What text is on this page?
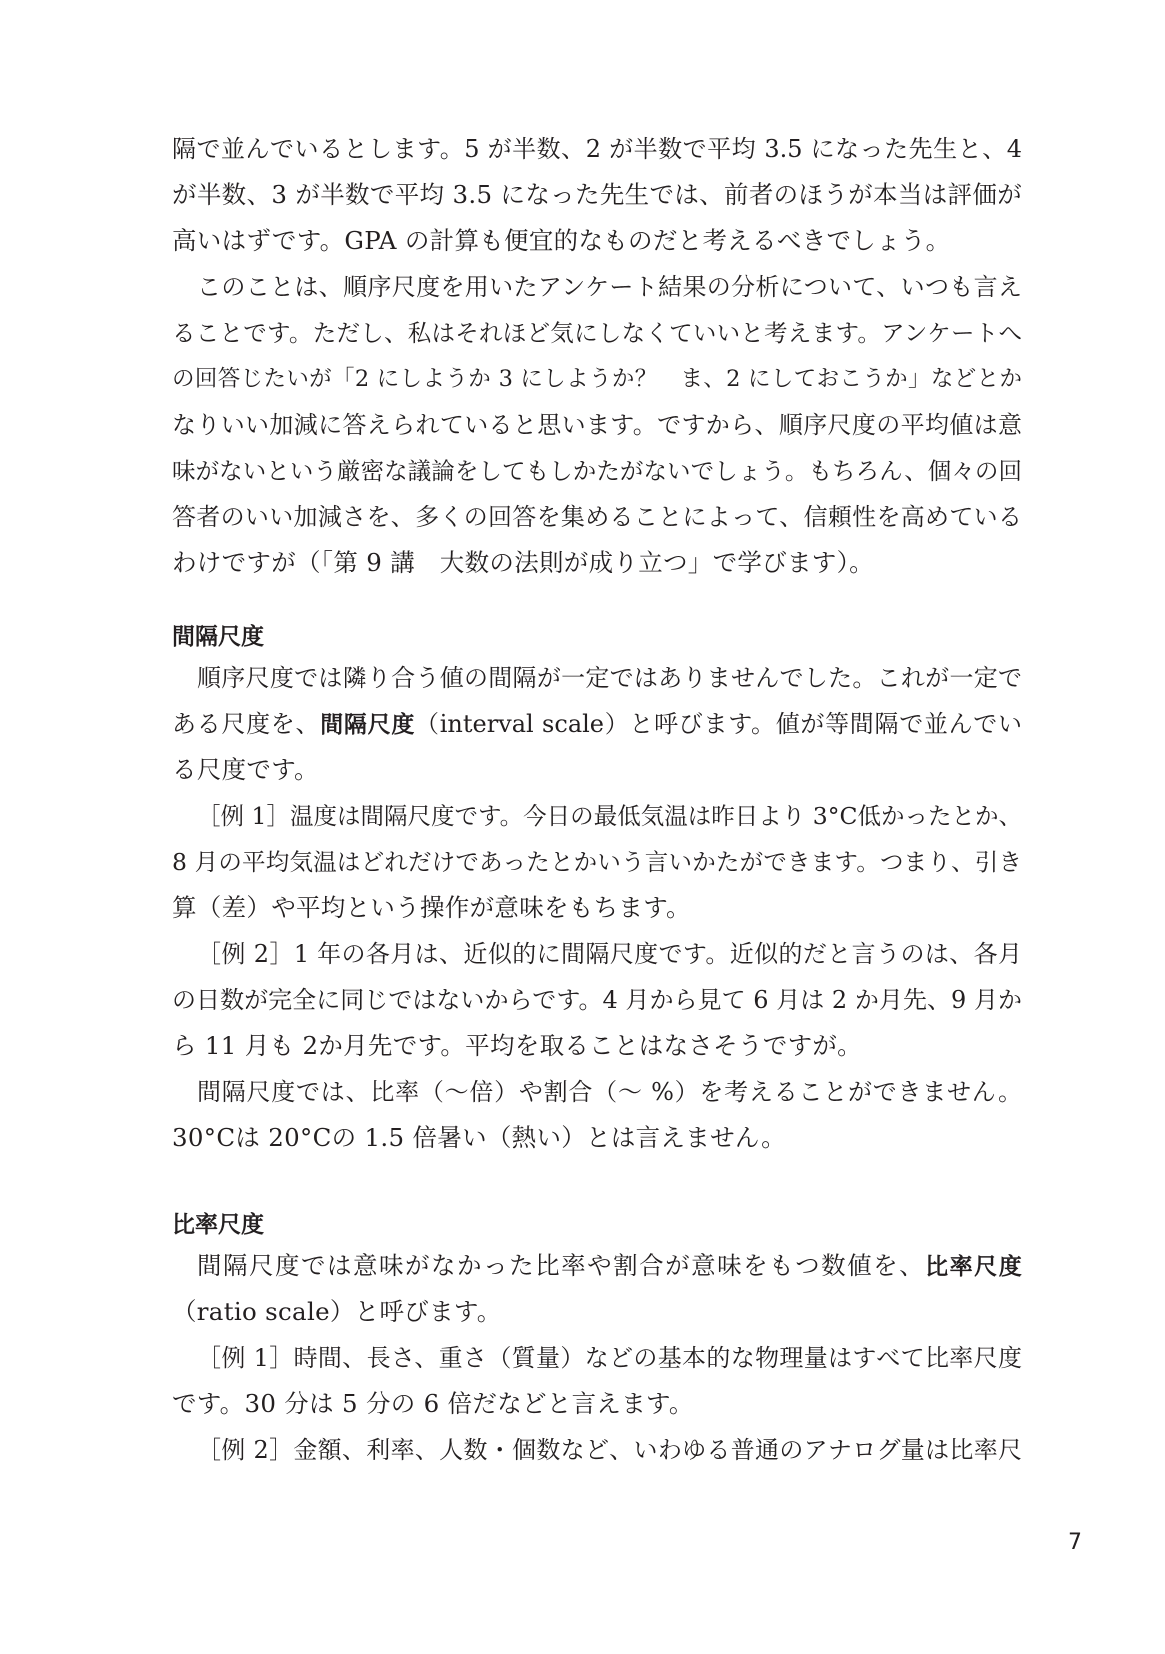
隔で並んでいるとします。5 が半数、2 が半数で平均 3.5 になった先生と、4
が半数、3 が半数で平均 3.5 になった先生では、前者のほうが本当は評価が
高いはずです。GPA の計算も便宜的なものだと考えるべきでしょう。
このことは、順序尺度を用いたアンケート結果の分析について、いつも言え
ることです。ただし、私はそれほど気にしなくていいと考えます。アンケートへ
の回答じたいが「2 にしようか 3 にしようか？　ま、2 にしておこうか」などとか
なりいい加減に答えられていると思います。ですから、順序尺度の平均値は意
味がないという厳密な議論をしてもしかたがないでしょう。もちろん、個々の回
答者のいい加減さを、多くの回答を集めることによって、信頼性を高めている
わけですが（「第 9 講　大数の法則が成り立つ」で学びます）。
間隔尺度
順序尺度では隣り合う値の間隔が一定ではありませんでした。これが一定で
ある尺度を、間隔尺度（interval scale）と呼びます。値が等間隔で並んでい
る尺度です。
［例 1］温度は間隔尺度です。今日の最低気温は昨日より 3°C低かったとか、
8 月の平均気温はどれだけであったとかいう言いかたができます。つまり、引き
算（差）や平均という操作が意味をもちます。
［例 2］1 年の各月は、近似的に間隔尺度です。近似的だと言うのは、各月
の日数が完全に同じではないからです。4 月から見て 6 月は 2 か月先、9 月か
ら 11 月も 2か月先です。平均を取ることはなさそうですが。
間隔尺度では、比率（〜倍）や割合（〜 %）を考えることができません。
30°Cは 20°Cの 1.5 倍暑い（熱い）とは言えません。
比率尺度
間隔尺度では意味がなかった比率や割合が意味をもつ数値を、比率尺度
（ratio scale）と呼びます。
［例 1］時間、長さ、重さ（質量）などの基本的な物理量はすべて比率尺度
です。30 分は 5 分の 6 倍だなどと言えます。
［例 2］金額、利率、人数・個数など、いわゆる普通のアナログ量は比率尺
7
